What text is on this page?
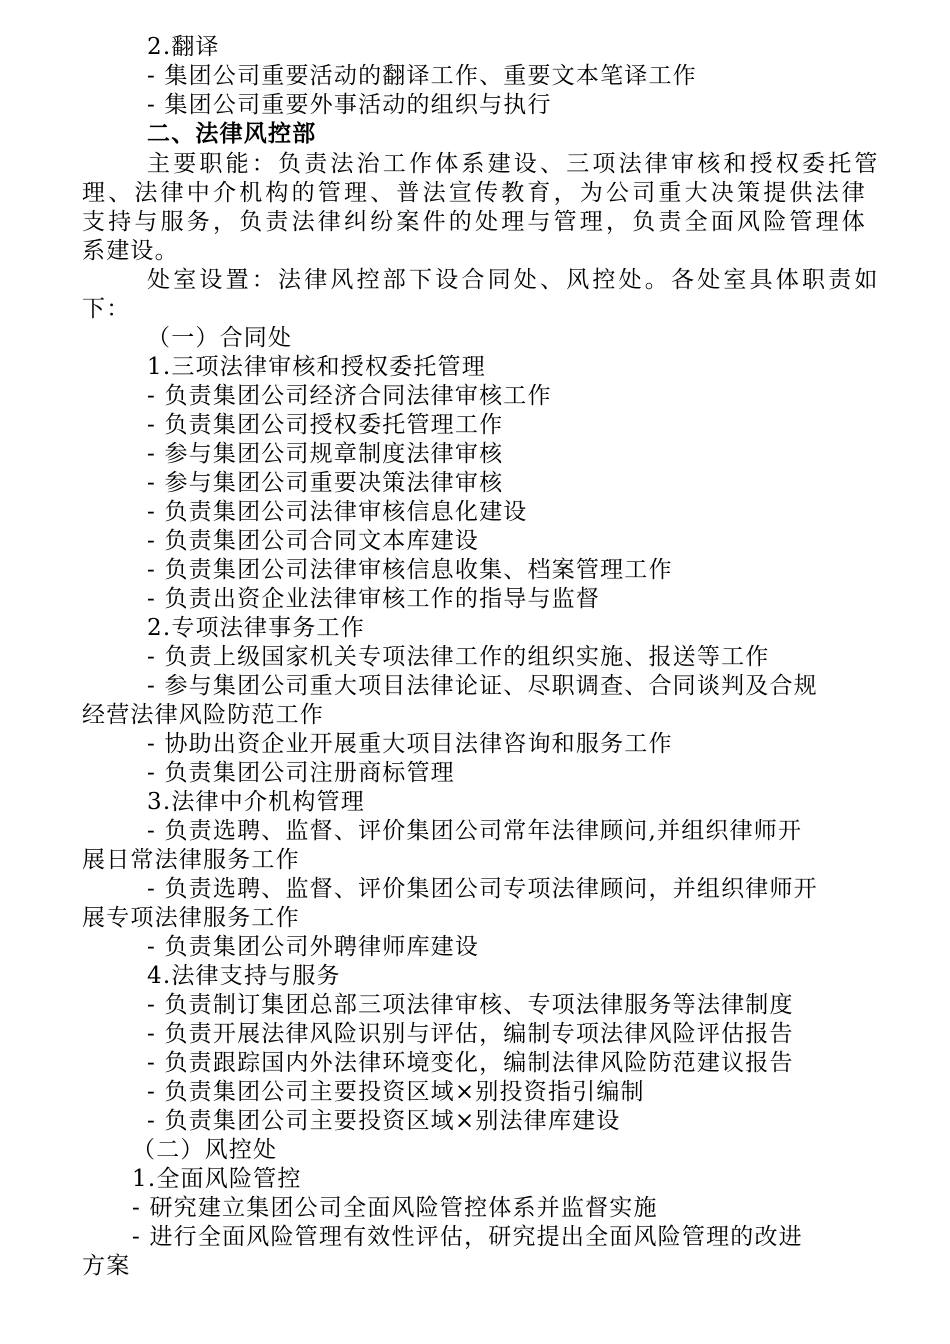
2.翻译
- 集团公司重要活动的翻译工作、重要文本笔译工作
- 集团公司重要外事活动的组织与执行
二、法律风控部
主要职能：负责法治工作体系建设、三项法律审核和授权委托管
理、法律中介机构的管理、普法宣传教育，为公司重大决策提供法律
支持与服务，负责法律纠纷案件的处理与管理，负责全面风险管理体
系建设。
处室设置：法律风控部下设合同处、风控处。各处室具体职责如
下：
（一）合同处
1.三项法律审核和授权委托管理
- 负责集团公司经济合同法律审核工作
- 负责集团公司授权委托管理工作
- 参与集团公司规章制度法律审核
- 参与集团公司重要决策法律审核
- 负责集团公司法律审核信息化建设
- 负责集团公司合同文本库建设
- 负责集团公司法律审核信息收集、档案管理工作
- 负责出资企业法律审核工作的指导与监督
2.专项法律事务工作
- 负责上级国家机关专项法律工作的组织实施、报送等工作
- 参与集团公司重大项目法律论证、尽职调查、合同谈判及合规
经营法律风险防范工作
- 协助出资企业开展重大项目法律咨询和服务工作
- 负责集团公司注册商标管理
3.法律中介机构管理
- 负责选聘、监督、评价集团公司常年法律顾问,并组织律师开
展日常法律服务工作
- 负责选聘、监督、评价集团公司专项法律顾问，并组织律师开
展专项法律服务工作
- 负责集团公司外聘律师库建设
4.法律支持与服务
- 负责制订集团总部三项法律审核、专项法律服务等法律制度
- 负责开展法律风险识别与评估，编制专项法律风险评估报告
- 负责跟踪国内外法律环境变化，编制法律风险防范建议报告
- 负责集团公司主要投资区域×别投资指引编制
- 负责集团公司主要投资区域×别法律库建设
（二）风控处
1.全面风险管控
- 研究建立集团公司全面风险管控体系并监督实施
- 进行全面风险管理有效性评估，研究提出全面风险管理的改进
方案
